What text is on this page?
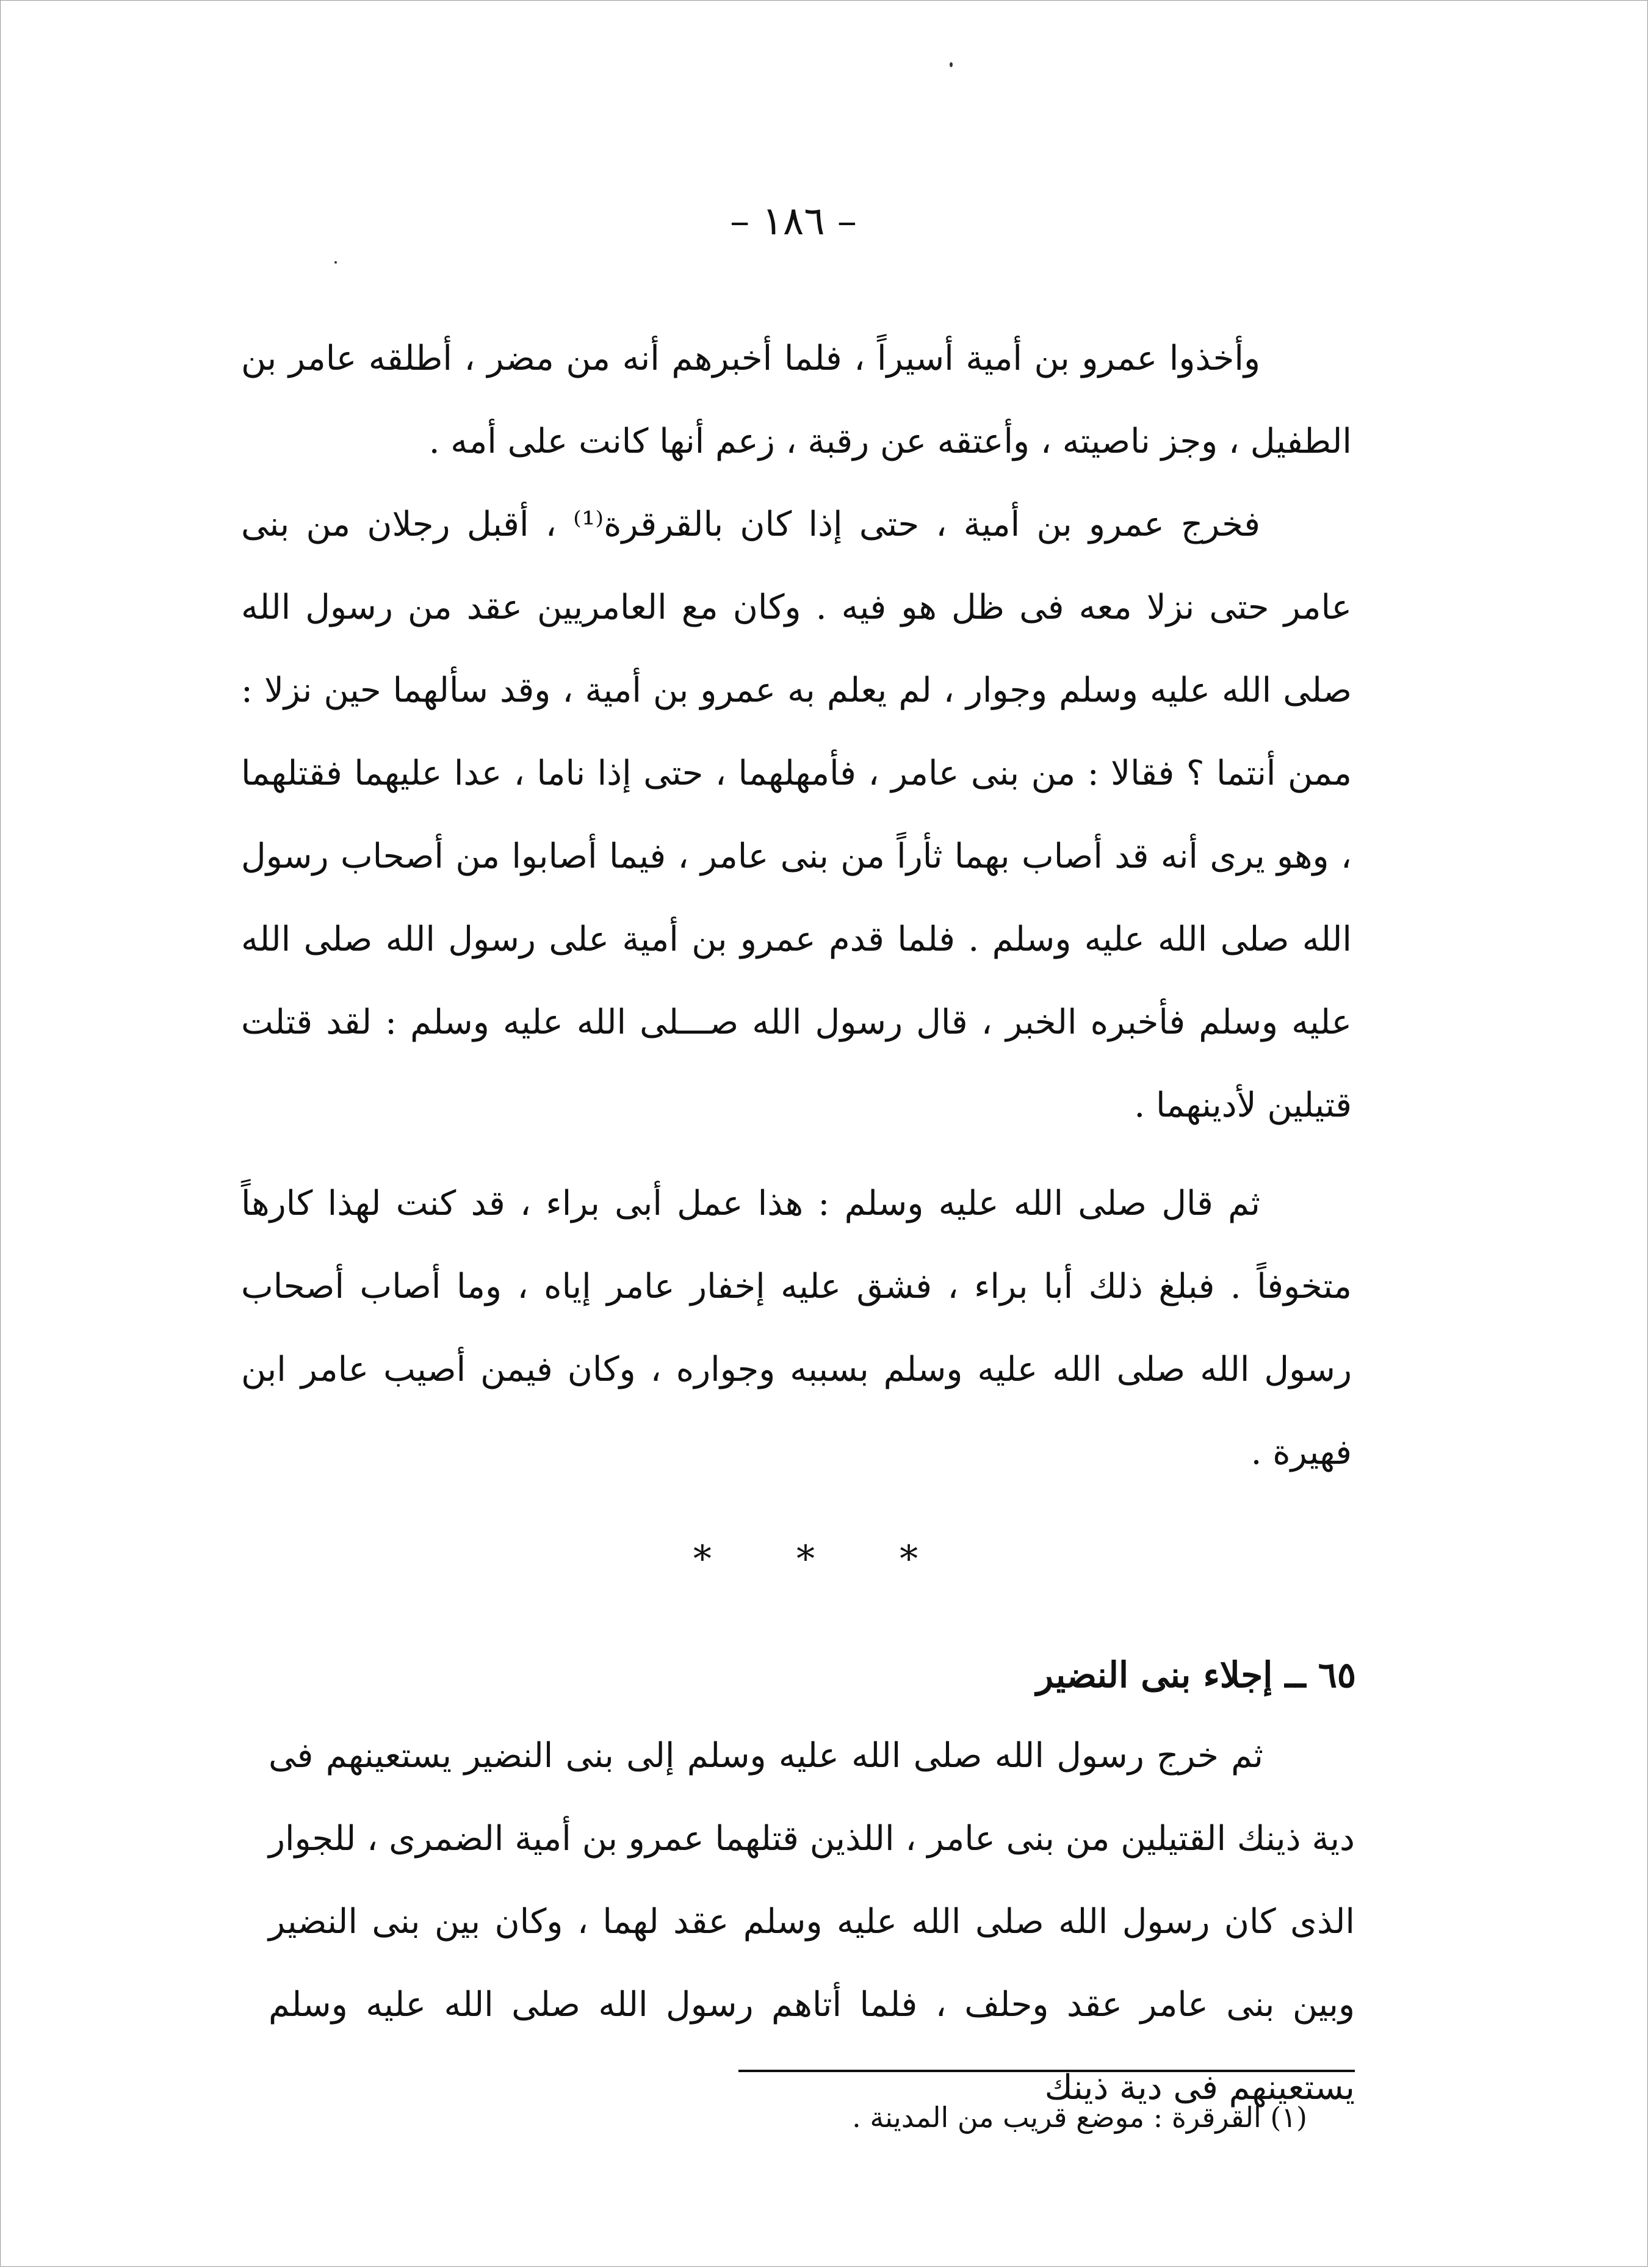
– ١٨٦ –

وأخذوا عمرو بن أمية أسيراً ، فلما أخبرهم أنه من مضر ، أطلقه عامر بن الطفيل ، وجز ناصيته ، وأعتقه عن رقبة ، زعم أنها كانت على أمه .

فخرج عمرو بن أمية ، حتى إذا كان بالقرقرة⁽¹⁾ ، أقبل رجلان من بنى عامر حتى نزلا معه فى ظل هو فيه . وكان مع العامريين عقد من رسول الله صلى الله عليه وسلم وجوار ، لم يعلم به عمرو بن أمية ، وقد سألهما حين نزلا : ممن أنتما ؟ فقالا : من بنى عامر ، فأمهلهما ، حتى إذا ناما ، عدا عليهما فقتلهما ، وهو يرى أنه قد أصاب بهما ثأراً من بنى عامر ، فيما أصابوا من أصحاب رسول الله صلى الله عليه وسلم . فلما قدم عمرو بن أمية على رسول الله صلى الله عليه وسلم فأخبره الخبر ، قال رسول الله صـــلى الله عليه وسلم : لقد قتلت قتيلين لأدينهما .

ثم قال صلى الله عليه وسلم : هذا عمل أبى براء ، قد كنت لهذا كارهاً متخوفاً . فبلغ ذلك أبا براء ، فشق عليه إخفار عامر إياه ، وما أصاب أصحاب رسول الله صلى الله عليه وسلم بسببه وجواره ، وكان فيمن أصيب عامر ابن فهيرة .

* * *
٦٥ ــ إجلاء بنى النضير

ثم خرج رسول الله صلى الله عليه وسلم إلى بنى النضير يستعينهم فى دية ذينك القتيلين من بنى عامر ، اللذين قتلهما عمرو بن أمية الضمرى ، للجوار الذى كان رسول الله صلى الله عليه وسلم عقد لهما ، وكان بين بنى النضير وبين بنى عامر عقد وحلف ، فلما أتاهم رسول الله صلى الله عليه وسلم يستعينهم فى دية ذينك

(١) القرقرة : موضع قريب من المدينة .
